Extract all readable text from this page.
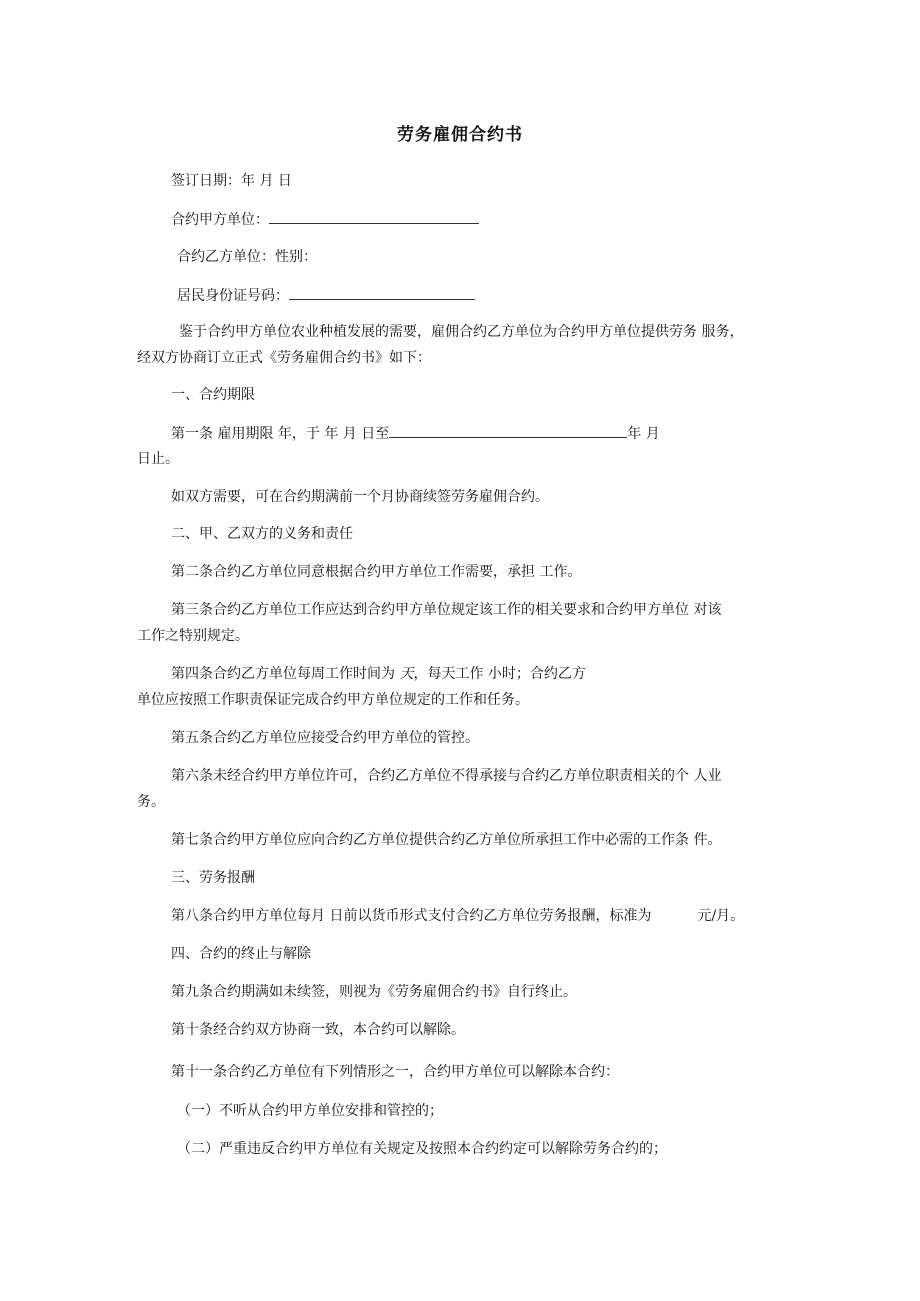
劳务雇佣合约书
签订日期：年 月 日
合约甲方单位：
合约乙方单位：性别：
居民身份证号码：
鉴于合约甲方单位农业种植发展的需要，雇佣合约乙方单位为合约甲方单位提供劳务 服务，
经双方协商订立正式《劳务雇佣合约书》如下：
一、合约期限
第一条 雇用期限 年，于 年 月 日至	年 月
日止。
如双方需要，可在合约期满前一个月协商续签劳务雇佣合约。
二、甲、乙双方的义务和责任
第二条合约乙方单位同意根据合约甲方单位工作需要，承担 工作。
第三条合约乙方单位工作应达到合约甲方单位规定该工作的相关要求和合约甲方单位 对该
工作之特别规定。
第四条合约乙方单位每周工作时间为 天，每天工作 小时；合约乙方
单位应按照工作职责保证完成合约甲方单位规定的工作和任务。
第五条合约乙方单位应接受合约甲方单位的管控。
第六条未经合约甲方单位许可，合约乙方单位不得承接与合约乙方单位职责相关的个 人业
务。
第七条合约甲方单位应向合约乙方单位提供合约乙方单位所承担工作中必需的工作条 件。
三、劳务报酬
第八条合约甲方单位每月 日前以货币形式支付合约乙方单位劳务报酬，标准为	元/月。
四、合约的终止与解除
第九条合约期满如未续签，则视为《劳务雇佣合约书》自行终止。
第十条经合约双方协商一致，本合约可以解除。
第十一条合约乙方单位有下列情形之一，合约甲方单位可以解除本合约：
（一）不听从合约甲方单位安排和管控的；
（二）严重违反合约甲方单位有关规定及按照本合约约定可以解除劳务合约的；
